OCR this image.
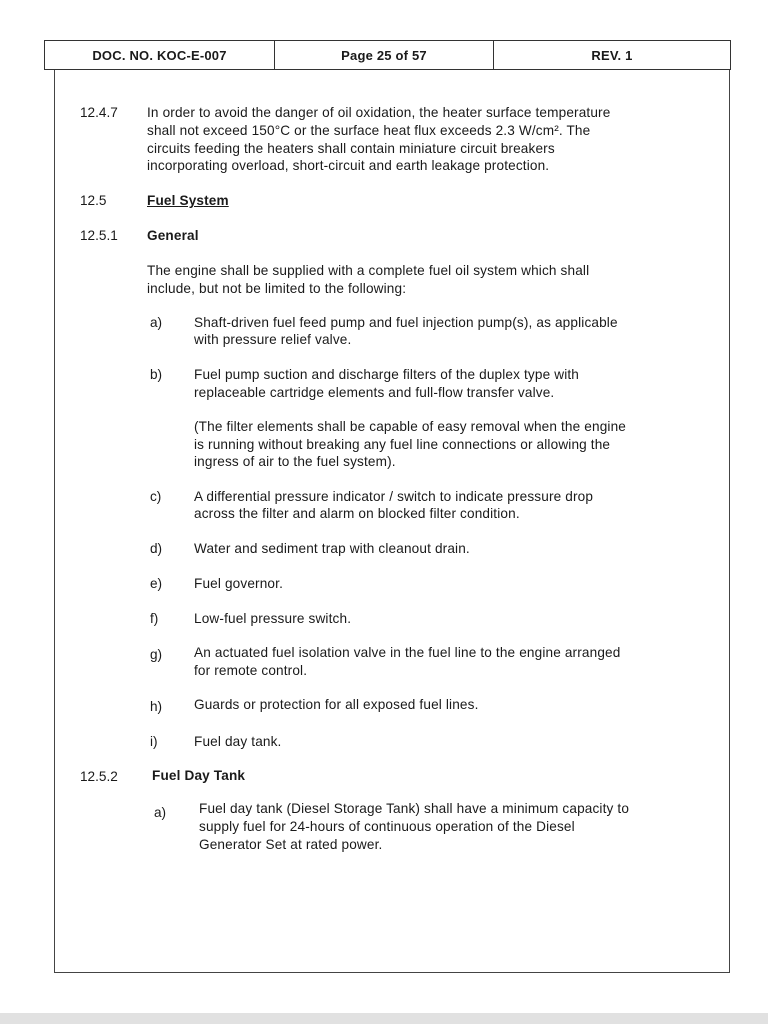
DOC. NO. KOC-E-007	Page 25 of 57	REV. 1
12.4.7 In order to avoid the danger of oil oxidation, the heater surface temperature
shall not exceed 150°C or the surface heat flux exceeds 2.3 W/cm². The
circuits feeding the heaters shall contain miniature circuit breakers
incorporating overload, short-circuit and earth leakage protection.
12.5	Fuel System
12.5.1 General
The engine shall be supplied with a complete fuel oil system which shall
include, but not be limited to the following:
a) Shaft-driven fuel feed pump and fuel injection pump(s), as applicable
with pressure relief valve.
b) Fuel pump suction and discharge filters of the duplex type with
replaceable cartridge elements and full-flow transfer valve.
(The filter elements shall be capable of easy removal when the engine
is running without breaking any fuel line connections or allowing the
ingress of air to the fuel system).
c) A differential pressure indicator / switch to indicate pressure drop
across the filter and alarm on blocked filter condition.
d) Water and sediment trap with cleanout drain.
e) Fuel governor.
f)	Low-fuel pressure switch.
g) An actuated fuel isolation valve in the fuel line to the engine arranged
for remote control.
h) Guards or protection for all exposed fuel lines.
i)	Fuel day tank.
12.5.2	Fuel Day Tank
a) Fuel day tank (Diesel Storage Tank) shall have a minimum capacity to
supply fuel for 24-hours of continuous operation of the Diesel
Generator Set at rated power.
